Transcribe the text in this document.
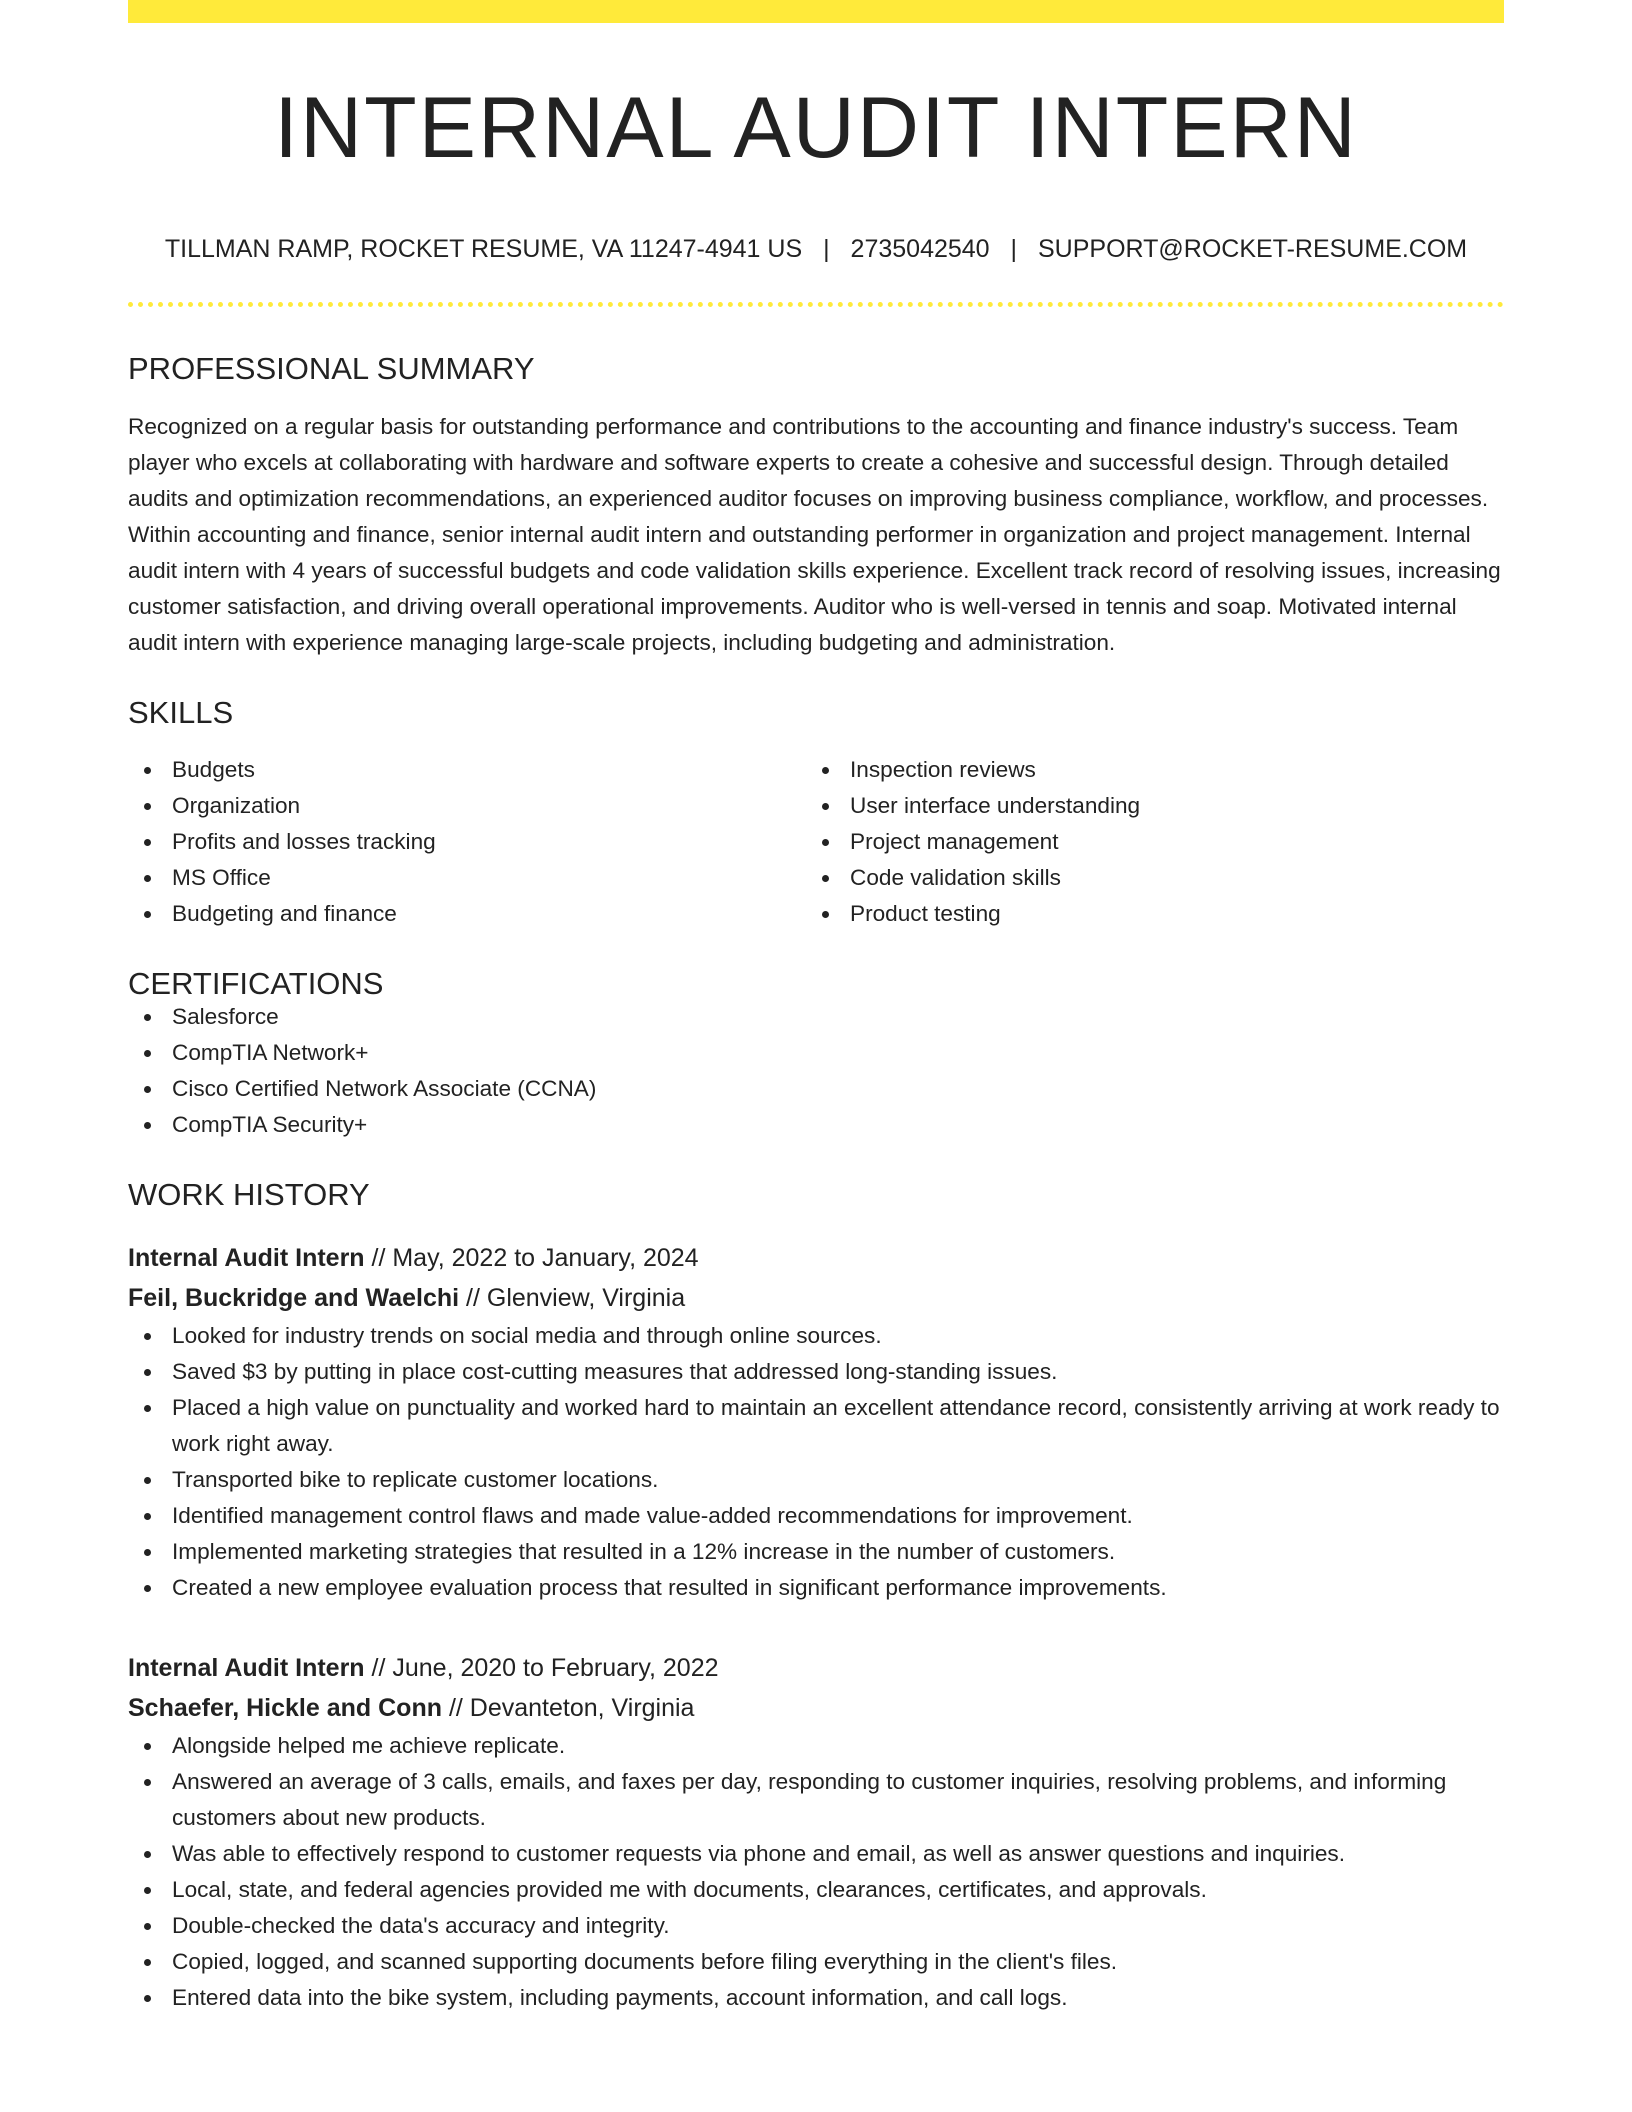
INTERNAL AUDIT INTERN
TILLMAN RAMP, ROCKET RESUME, VA 11247-4941 US | 2735042540 | SUPPORT@ROCKET-RESUME.COM
PROFESSIONAL SUMMARY

Recognized on a regular basis for outstanding performance and contributions to the accounting and finance industry's success. Team player who excels at collaborating with hardware and software experts to create a cohesive and successful design. Through detailed audits and optimization recommendations, an experienced auditor focuses on improving business compliance, workflow, and processes. Within accounting and finance, senior internal audit intern and outstanding performer in organization and project management. Internal audit intern with 4 years of successful budgets and code validation skills experience. Excellent track record of resolving issues, increasing customer satisfaction, and driving overall operational improvements. Auditor who is well-versed in tennis and soap. Motivated internal audit intern with experience managing large-scale projects, including budgeting and administration.

SKILLS
Budgets
Organization
Profits and losses tracking
MS Office
Budgeting and finance
Inspection reviews
User interface understanding
Project management
Code validation skills
Product testing
CERTIFICATIONS
Salesforce
CompTIA Network+
Cisco Certified Network Associate (CCNA)
CompTIA Security+
WORK HISTORY
Internal Audit Intern // May, 2022 to January, 2024
Feil, Buckridge and Waelchi // Glenview, Virginia
Looked for industry trends on social media and through online sources.
Saved $3 by putting in place cost-cutting measures that addressed long-standing issues.
Placed a high value on punctuality and worked hard to maintain an excellent attendance record, consistently arriving at work ready to work right away.
Transported bike to replicate customer locations.
Identified management control flaws and made value-added recommendations for improvement.
Implemented marketing strategies that resulted in a 12% increase in the number of customers.
Created a new employee evaluation process that resulted in significant performance improvements.
Internal Audit Intern // June, 2020 to February, 2022
Schaefer, Hickle and Conn // Devanteton, Virginia
Alongside helped me achieve replicate.
Answered an average of 3 calls, emails, and faxes per day, responding to customer inquiries, resolving problems, and informing customers about new products.
Was able to effectively respond to customer requests via phone and email, as well as answer questions and inquiries.
Local, state, and federal agencies provided me with documents, clearances, certificates, and approvals.
Double-checked the data's accuracy and integrity.
Copied, logged, and scanned supporting documents before filing everything in the client's files.
Entered data into the bike system, including payments, account information, and call logs.
